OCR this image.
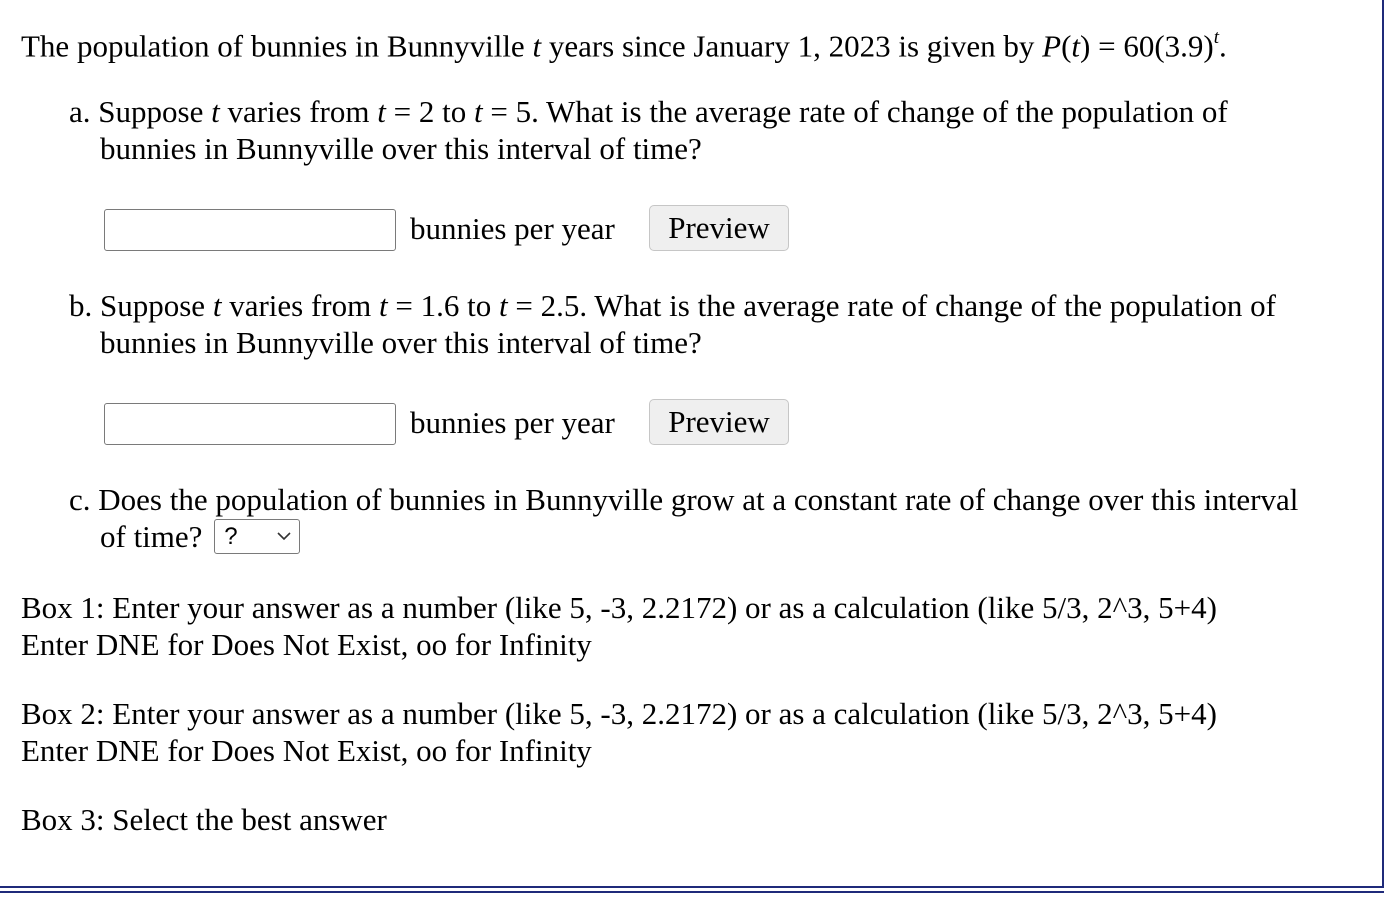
The population of bunnies in Bunnyville t years since January 1, 2023 is given by $P(t) = 60(3.9)^t$.
a. Suppose t varies from t = 2 to t = 5. What is the average rate of change of the population of
bunnies in Bunnyville over this interval of time?
bunnies per year	Preview
b. Suppose t varies from t = 1.6 to t = 2.5. What is the average rate of change of the population of
bunnies in Bunnyville over this interval of time?
bunnies per year	Preview
c. Does the population of bunnies in Bunnyville grow at a constant rate of change over this interval
of time? ?
Box 1: Enter your answer as a number (like 5, -3, 2.2172) or as a calculation (like 5/3, 2^3, 5+4)
Enter DNE for Does Not Exist, oo for Infinity
Box 2: Enter your answer as a number (like 5, -3, 2.2172) or as a calculation (like 5/3, 2^3, 5+4)
Enter DNE for Does Not Exist, oo for Infinity
Box 3: Select the best answer
